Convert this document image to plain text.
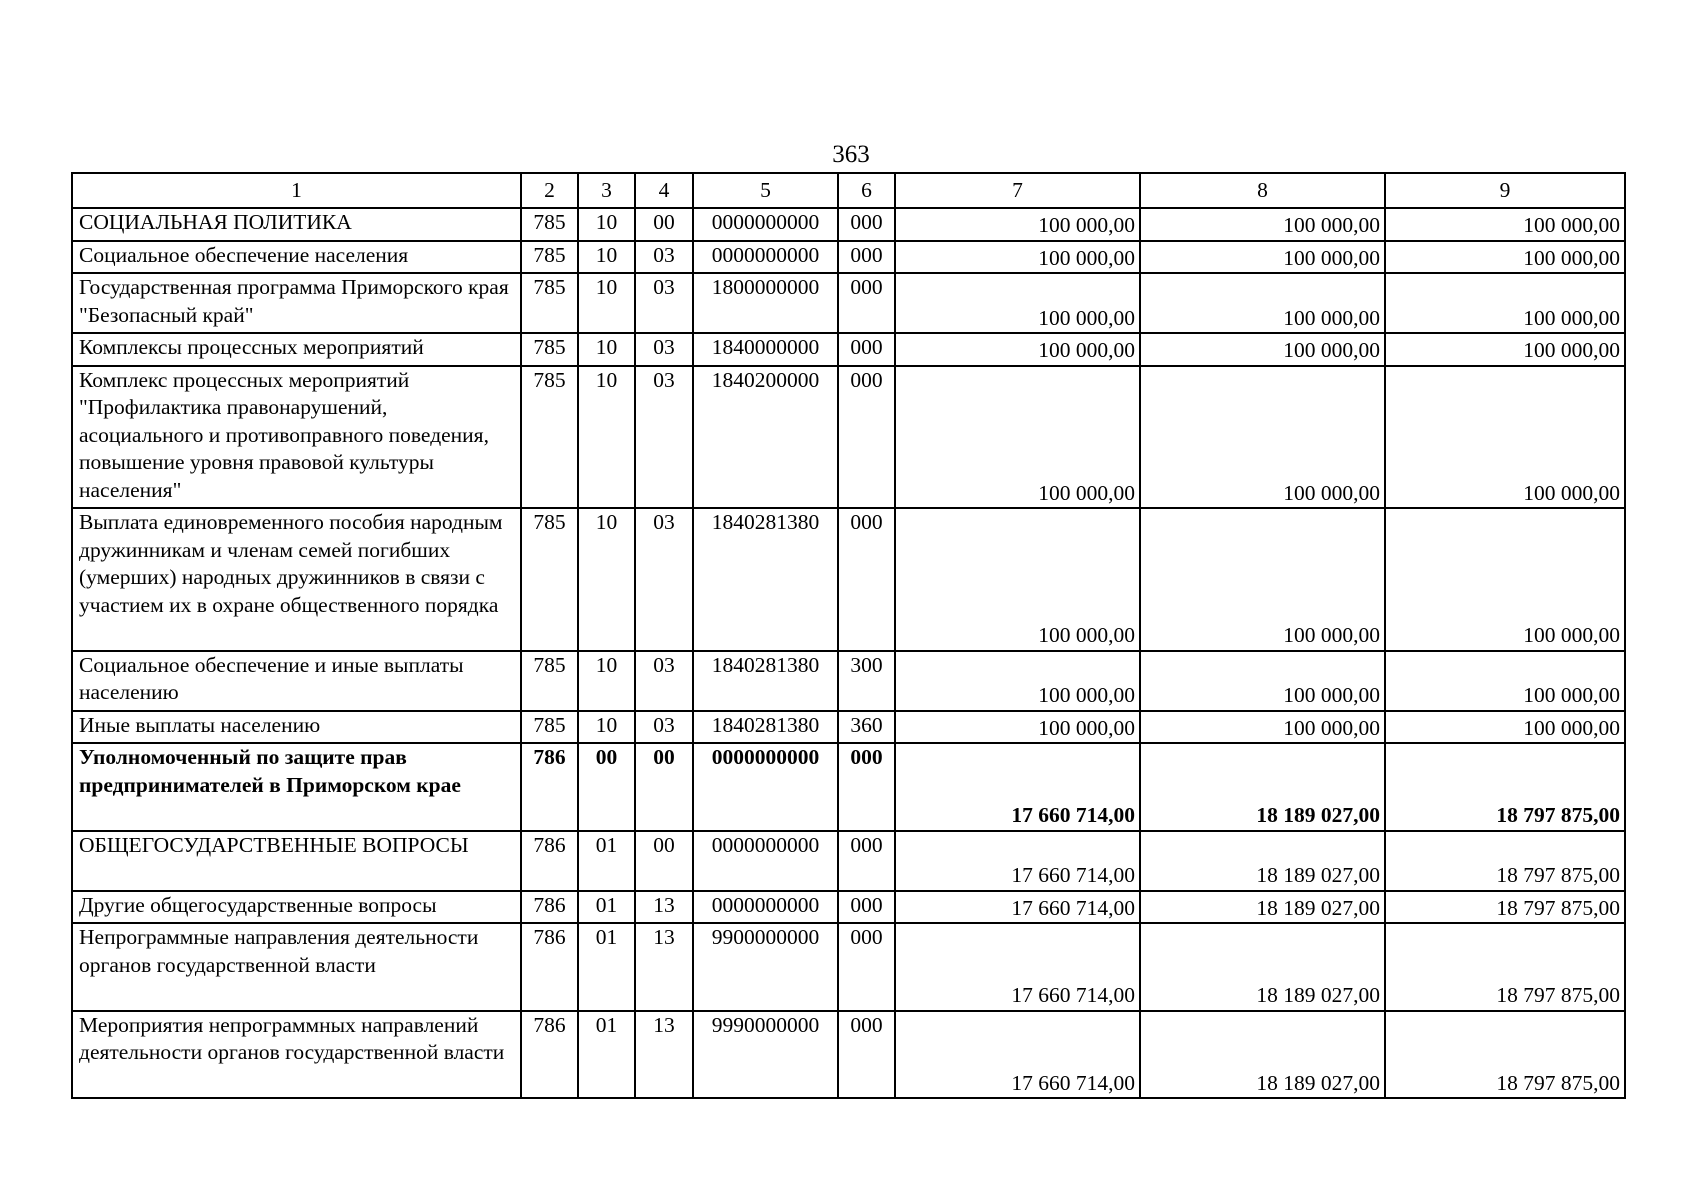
363
1	2	3	4	5	6	7	8	9
СОЦИАЛЬНАЯ ПОЛИТИКА	785	10	00	0000000000	000	100 000,00	100 000,00	100 000,00
Социальное обеспечение населения	785	10	03	0000000000	000	100 000,00	100 000,00	100 000,00
Государственная программа Приморского края "Безопасный край"	785	10	03	1800000000	000	100 000,00	100 000,00	100 000,00
Комплексы процессных мероприятий	785	10	03	1840000000	000	100 000,00	100 000,00	100 000,00
Комплекс процессных мероприятий "Профилактика правонарушений, асоциального и противоправного поведения, повышение уровня правовой культуры населения"	785	10	03	1840200000	000	100 000,00	100 000,00	100 000,00
Выплата единовременного пособия народным дружинникам и членам семей погибших (умерших) народных дружинников в связи с участием их в охране общественного порядка	785	10	03	1840281380	000	100 000,00	100 000,00	100 000,00
Социальное обеспечение и иные выплаты населению	785	10	03	1840281380	300	100 000,00	100 000,00	100 000,00
Иные выплаты населению	785	10	03	1840281380	360	100 000,00	100 000,00	100 000,00
Уполномоченный по защите прав предпринимателей в Приморском крае	786	00	00	0000000000	000	17 660 714,00	18 189 027,00	18 797 875,00
ОБЩЕГОСУДАРСТВЕННЫЕ ВОПРОСЫ	786	01	00	0000000000	000	17 660 714,00	18 189 027,00	18 797 875,00
Другие общегосударственные вопросы	786	01	13	0000000000	000	17 660 714,00	18 189 027,00	18 797 875,00
Непрограммные направления деятельности органов государственной власти	786	01	13	9900000000	000	17 660 714,00	18 189 027,00	18 797 875,00
Мероприятия непрограммных направлений деятельности органов государственной власти	786	01	13	9990000000	000	17 660 714,00	18 189 027,00	18 797 875,00
